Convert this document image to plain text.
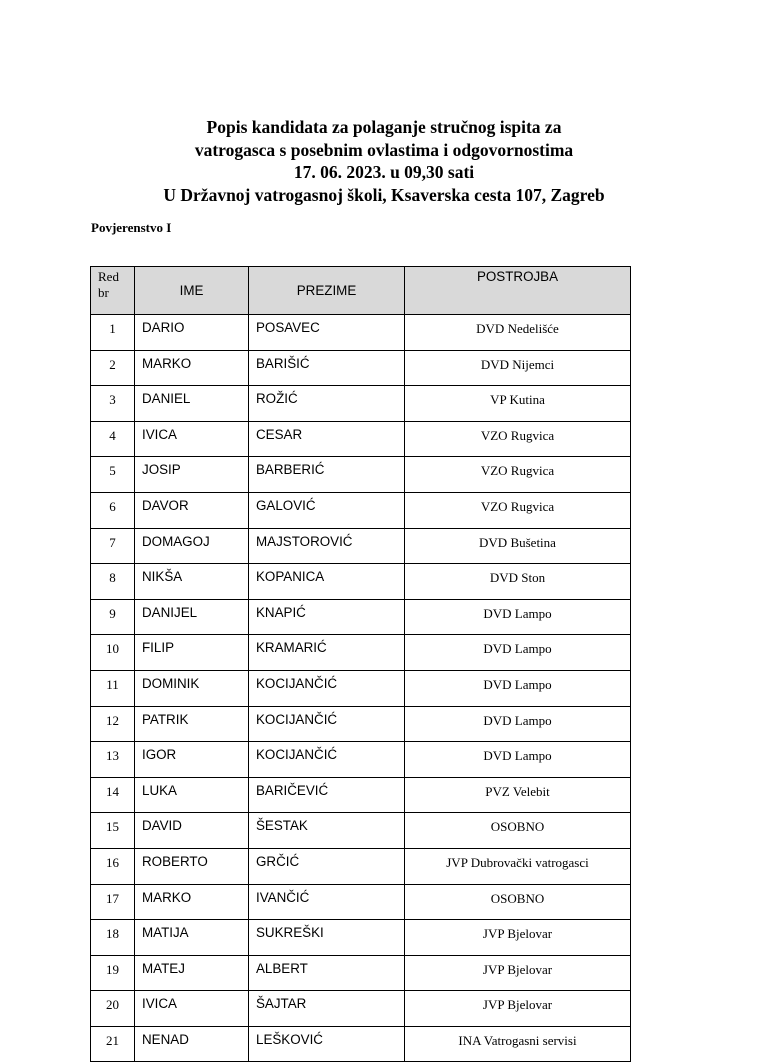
Popis kandidata za polaganje stručnog ispita za
vatrogasca s posebnim ovlastima i odgovornostima
17. 06. 2023. u 09,30 sati
U Državnoj vatrogasnoj školi, Ksaverska cesta 107, Zagreb
Povjerenstvo I
Red
br	IME	PREZIME	POSTROJBA
1	DARIO	POSAVEC	DVD Nedelišće
2	MARKO	BARIŠIĆ	DVD Nijemci
3	DANIEL	ROŽIĆ	VP Kutina
4	IVICA	CESAR	VZO Rugvica
5	JOSIP	BARBERIĆ	VZO Rugvica
6	DAVOR	GALOVIĆ	VZO Rugvica
7	DOMAGOJ	MAJSTOROVIĆ	DVD Bušetina
8	NIKŠA	KOPANICA	DVD Ston
9	DANIJEL	KNAPIĆ	DVD Lampo
10	FILIP	KRAMARIĆ	DVD Lampo
11	DOMINIK	KOCIJANČIĆ	DVD Lampo
12	PATRIK	KOCIJANČIĆ	DVD Lampo
13	IGOR	KOCIJANČIĆ	DVD Lampo
14	LUKA	BARIČEVIĆ	PVZ Velebit
15	DAVID	ŠESTAK	OSOBNO
16	ROBERTO	GRČIĆ	JVP Dubrovački vatrogasci
17	MARKO	IVANČIĆ	OSOBNO
18	MATIJA	SUKREŠKI	JVP Bjelovar
19	MATEJ	ALBERT	JVP Bjelovar
20	IVICA	ŠAJTAR	JVP Bjelovar
21	NENAD	LEŠKOVIĆ	INA Vatrogasni servisi
